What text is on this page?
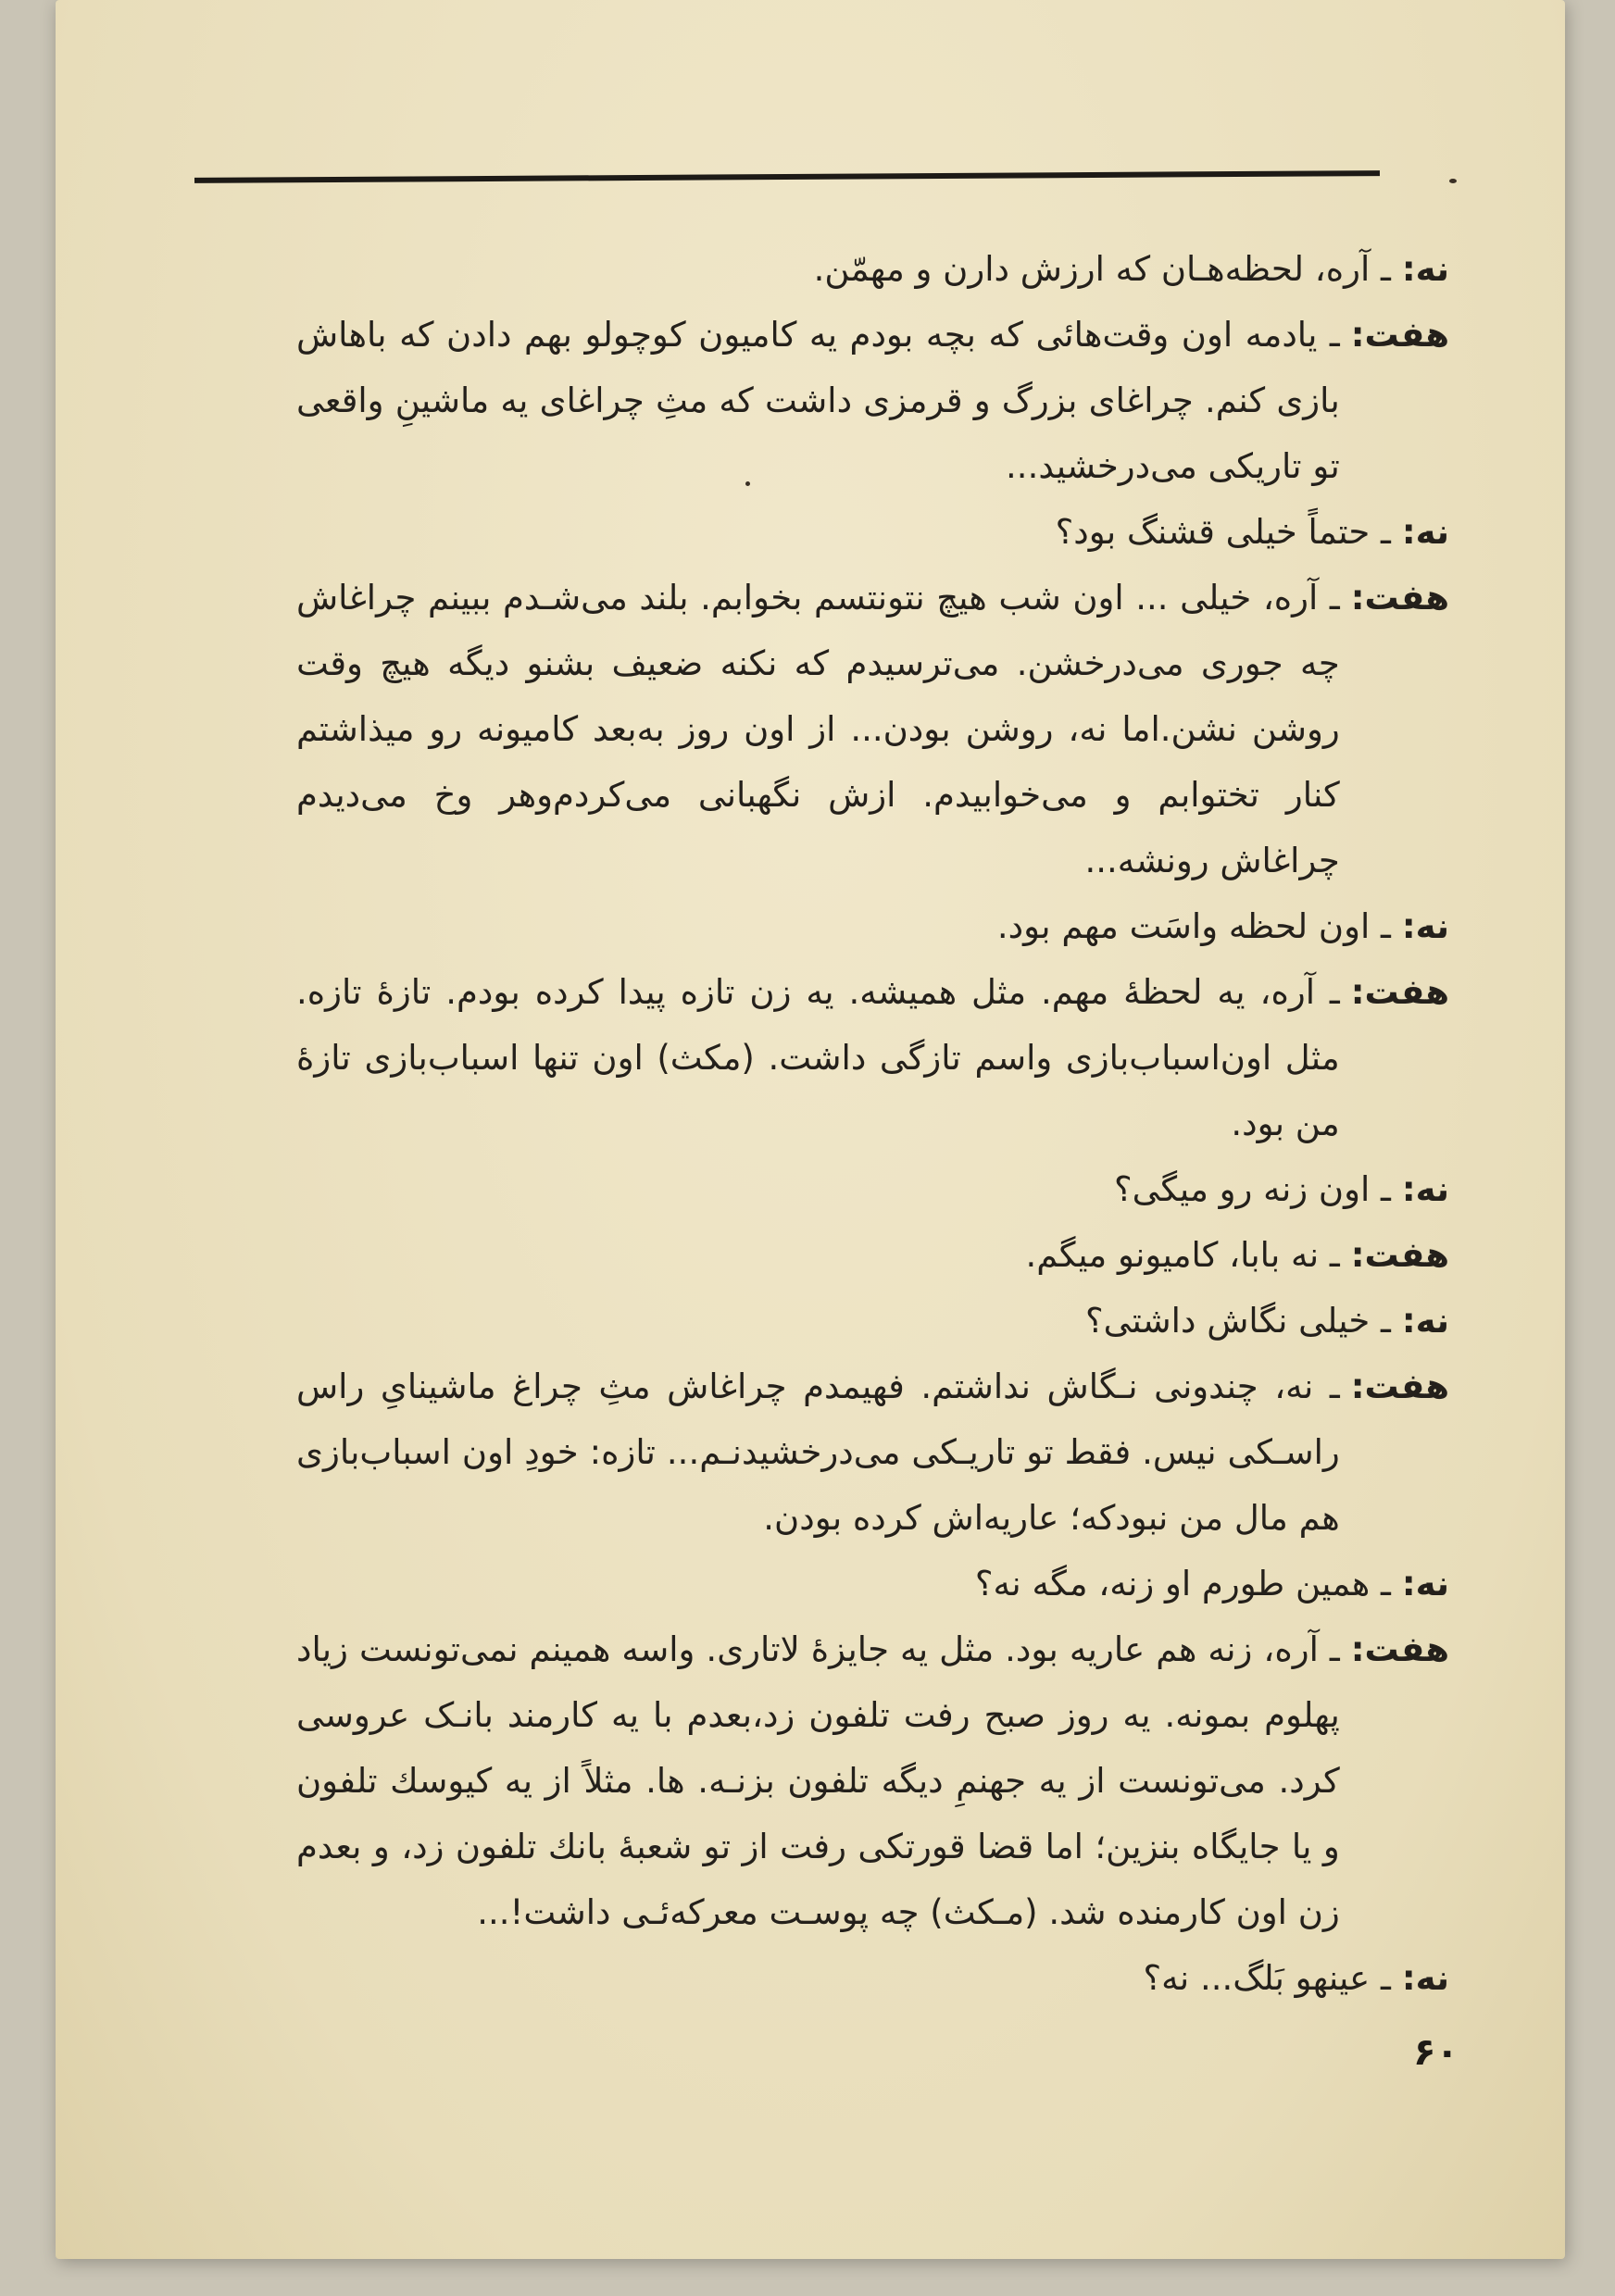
نه:
ـ آره، لحظه‌هـان که ارزش دارن و مهمّن.
هفت:
ـ یادمه اون وقت‌هائی که بچه بودم یه کامیون کوچولو بهم دادن که باهاش بازی کنم. چراغای بزرگ و قرمزی داشت که مثِ چراغای یه ماشینِ واقعی تو تاریکی می‌درخشید...
نه:
ـ حتماً خیلی قشنگ بود؟
هفت:
ـ آره، خیلی ... اون شب هیچ نتونتسم بخوابم. بلند می‌شـدم ببینم چراغاش چه جوری می‌درخشن. می‌ترسیدم که نکنه ضعیف بشنو دیگه هیچ وقت روشن نشن.اما نه، روشن بودن... از اون روز به‌بعد کامیونه رو میذاشتم کنار تختوابم و می‌خوابیدم. ازش نگهبانی می‌کردم‌وهر وخ می‌دیدم چراغاش رونشه...
نه:
ـ اون لحظه واسَت مهم بود.
هفت:
ـ آره، یه لحظهٔ مهم. مثل همیشه. یه زن تازه پیدا کرده بودم. تازهٔ تازه. مثل اون‌اسباب‌بازی واسم تازگی داشت. (مکث) اون تنها اسباب‌بازی تازهٔ من بود.
نه:
ـ اون زنه رو میگی؟
هفت:
ـ نه بابا، کامیونو میگم.
نه:
ـ خیلی نگاش داشتی؟
هفت:
ـ نه، چندونی نـگاش نداشتم. فهیمدم چراغاش مثِ چراغ ماشینایِ راس راسـکی نیس. فقط تو تاریـکی می‌درخشیدنـم... تازه: خودِ اون اسباب‌بازی هم مال من نبودکه؛ عاریه‌اش کرده بودن.
نه:
ـ همین طورم او زنه، مگه نه؟
هفت:
ـ آره، زنه هم عاریه بود. مثل یه جایزهٔ لاتاری. واسه همینم نمی‌تونست زیاد پهلوم بمونه. یه روز صبح رفت تلفون زد،بعدم با یه کارمند بانـک عروسی کرد. می‌تونست از یه جهنمِ دیگه تلفون بزنـه. ها. مثلاً از یه کیوسك تلفون و یا جایگاه بنزین؛ اما قضا قورتکی رفت از تو شعبهٔ بانك تلفون زد، و بعدم زن اون کارمنده شد. (مـکث) چه پوسـت معرکه‌ئـی داشت!...
نه:
ـ عینهو بَلگ... نه؟
۶۰
